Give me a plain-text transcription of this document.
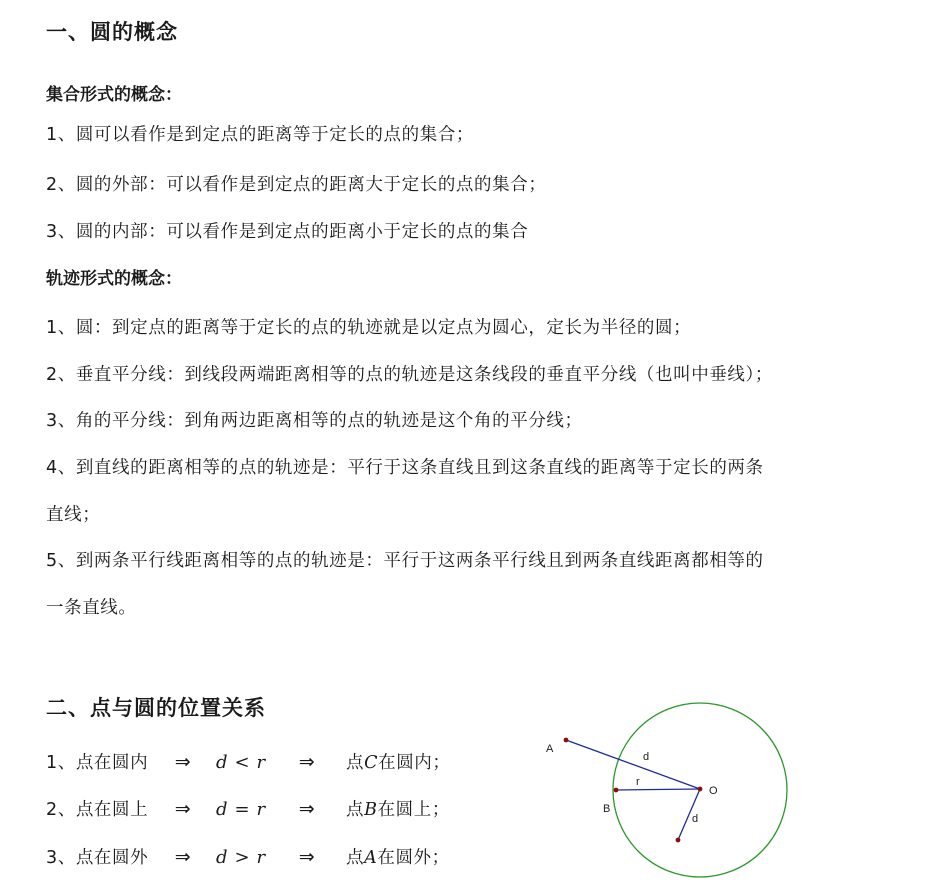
一、圆的概念
集合形式的概念：
1、圆可以看作是到定点的距离等于定长的点的集合；
2、圆的外部：可以看作是到定点的距离大于定长的点的集合；
3、圆的内部：可以看作是到定点的距离小于定长的点的集合
轨迹形式的概念：
1、圆：到定点的距离等于定长的点的轨迹就是以定点为圆心，定长为半径的圆；
2、垂直平分线：到线段两端距离相等的点的轨迹是这条线段的垂直平分线（也叫中垂线）；
3、角的平分线：到角两边距离相等的点的轨迹是这个角的平分线；
4、到直线的距离相等的点的轨迹是：平行于这条直线且到这条直线的距离等于定长的两条
直线；
5、到两条平行线距离相等的点的轨迹是：平行于这两条平行线且到两条直线距离都相等的
一条直线。
二、点与圆的位置关系
1、点在圆内	⇒	d < r	⇒	点C在圆内；
2、点在圆上	⇒	d = r	⇒	点B在圆上；
3、点在圆外	⇒	d > r	⇒	点A在圆外；
A
B
O
d
r
d
